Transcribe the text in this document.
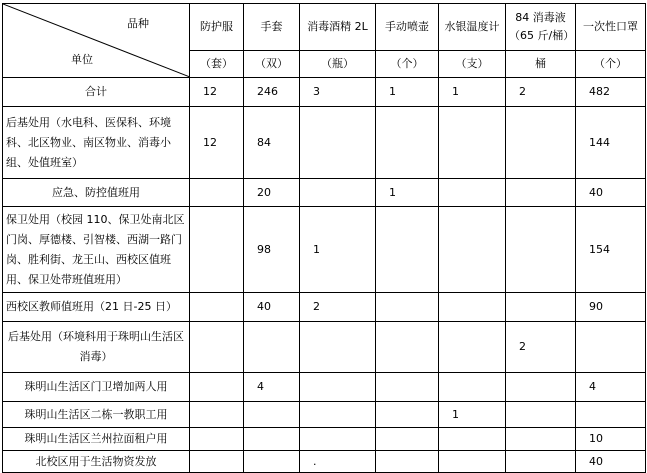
品种
单位	防护服	手套	消毒酒精 2L	手动喷壶	水银温度计	84 消毒液（65 斤/桶）	一次性口罩
	（套）	（双）	（瓶）	（个）	（支）	桶	（个）
合计	12	246	3	1	1	2	482
后基处用（水电科、医保科、环境科、北区物业、南区物业、消毒小组、处值班室）	12	84					144
应急、防控值班用		20		1			40
保卫处用（校园 110、保卫处南北区门岗、厚德楼、引智楼、西湖一路门岗、胜利街、龙王山、西校区值班用、保卫处带班值班用）		98	1				154
西校区教师值班用（21 日-25 日）		40	2				90
后基处用（环境科用于珠明山生活区消毒）						2	
珠明山生活区门卫增加两人用		4					4
珠明山生活区二栋一教职工用					1		
珠明山生活区兰州拉面租户用							10
北校区用于生活物资发放			.				40
